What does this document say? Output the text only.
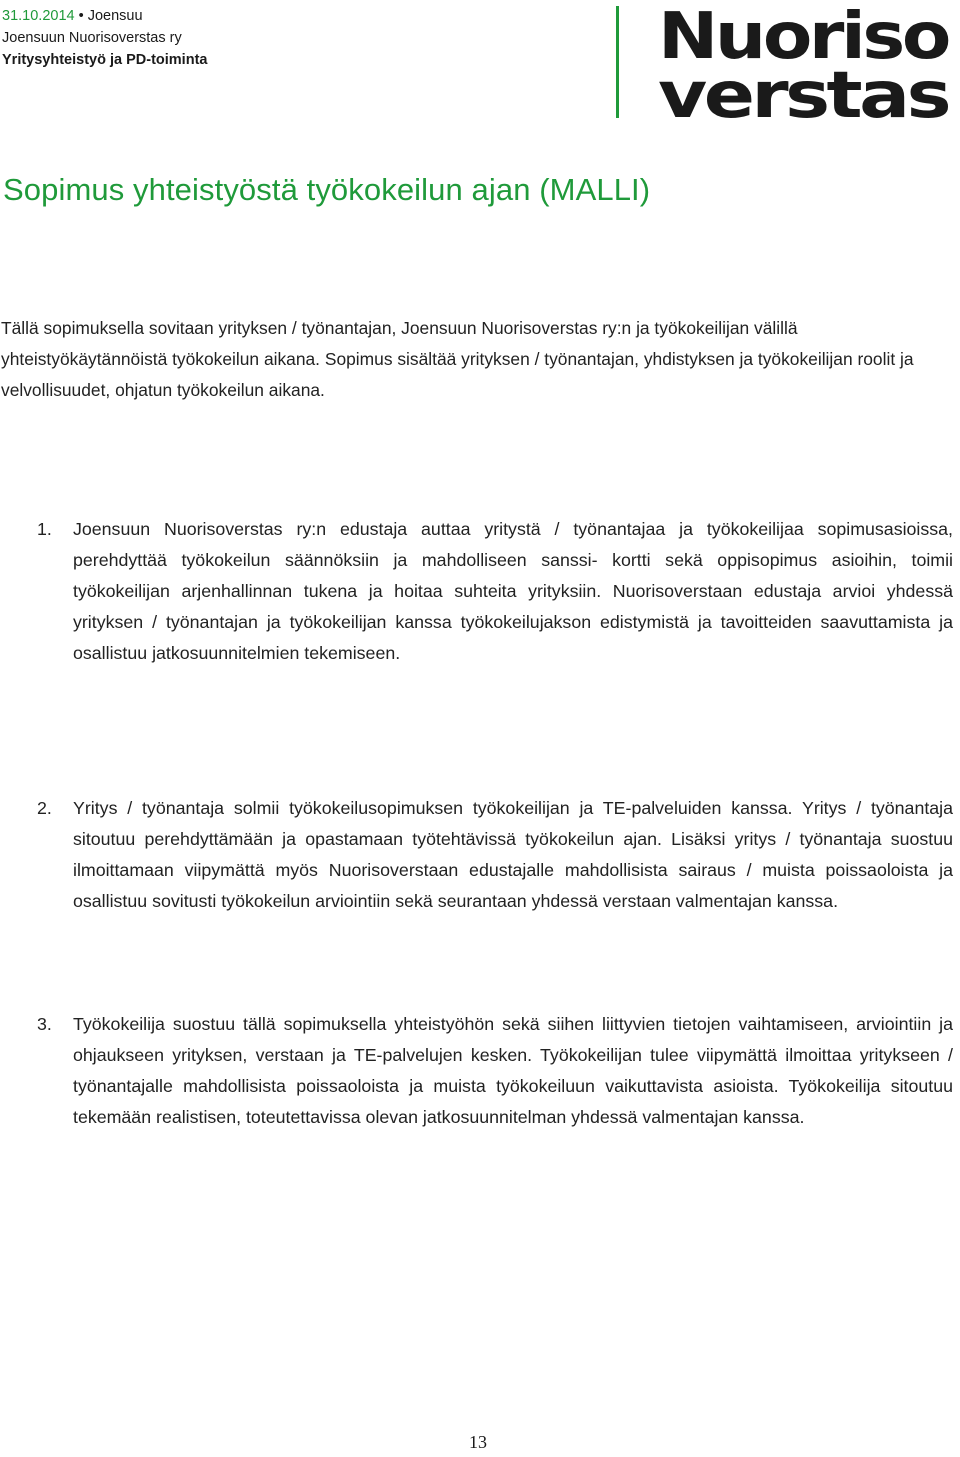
31.10.2014 • Joensuu
Joensuun Nuorisoverstas ry
Yritysyhteistyö ja PD-toiminta	Nuoriso
verstas
Sopimus yhteistyöstä työkokeilun ajan (MALLI)

Tällä sopimuksella sovitaan yrityksen / työnantajan, Joensuun Nuorisoverstas ry:n ja työkokeilijan välillä yhteistyökäytännöistä työkokeilun aikana. Sopimus sisältää yrityksen / työnantajan, yhdistyksen ja työkokeilijan roolit ja velvollisuudet, ohjatun työkokeilun aikana.

1. Joensuun Nuorisoverstas ry:n edustaja auttaa yritystä / työnantajaa ja työkokeilijaa sopimusasioissa, perehdyttää työkokeilun säännöksiin ja mahdolliseen sanssi- kortti sekä oppisopimus asioihin, toimii työkokeilijan arjenhallinnan tukena ja hoitaa suhteita yrityksiin. Nuorisoverstaan edustaja arvioi yhdessä yrityksen / työnantajan ja työkokeilijan kanssa työkokeilujakson edistymistä ja tavoitteiden saavuttamista ja osallistuu jatkosuunnitelmien tekemiseen.
2. Yritys / työnantaja solmii työkokeilusopimuksen työkokeilijan ja TE-palveluiden kanssa. Yritys / työnantaja sitoutuu perehdyttämään ja opastamaan työtehtävissä työkokeilun ajan. Lisäksi yritys / työnantaja suostuu ilmoittamaan viipymättä myös Nuorisoverstaan edustajalle mahdollisista sairaus / muista poissaoloista ja osallistuu sovitusti työkokeilun arviointiin sekä seurantaan yhdessä verstaan valmentajan kanssa.
3. Työkokeilija suostuu tällä sopimuksella yhteistyöhön sekä siihen liittyvien tietojen vaihtamiseen, arviointiin ja ohjaukseen yrityksen, verstaan ja TE-palvelujen kesken. Työkokeilijan tulee viipymättä ilmoittaa yritykseen / työnantajalle mahdollisista poissaoloista ja muista työkokeiluun vaikuttavista asioista. Työkokeilija sitoutuu tekemään realistisen, toteutettavissa olevan jatkosuunnitelman yhdessä valmentajan kanssa.
13
